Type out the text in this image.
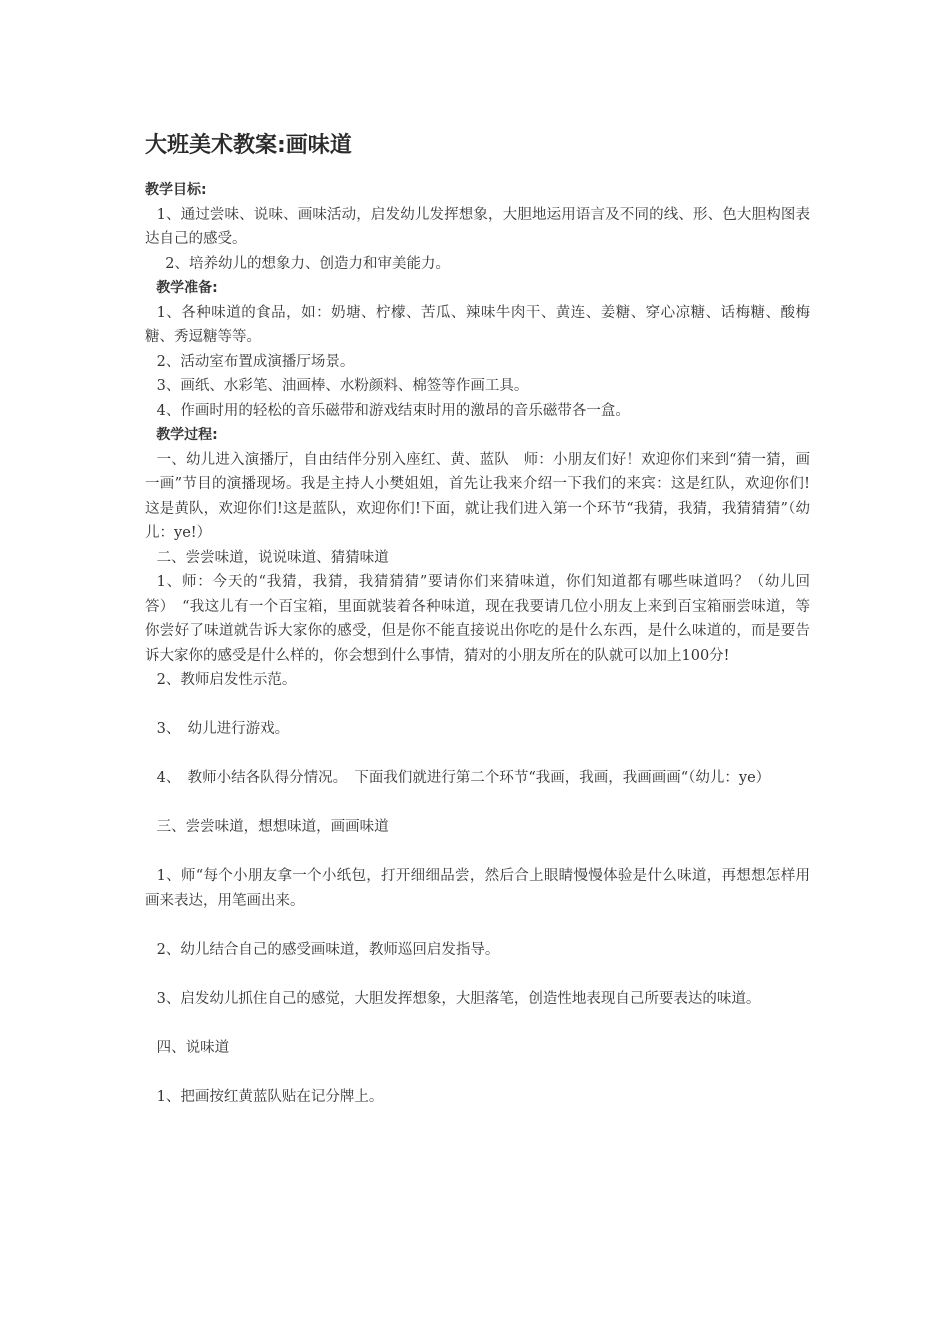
大班美术教案:画味道

教学目标:

1、通过尝味、说味、画味活动，启发幼儿发挥想象，大胆地运用语言及不同的线、形、色大胆构图表达自己的感受。

2、培养幼儿的想象力、创造力和审美能力。

教学准备:

1、各种味道的食品，如：奶塘、柠檬、苦瓜、辣味牛肉干、黄连、姜糖、穿心凉糖、话梅糖、酸梅糖、秀逗糖等等。

2、活动室布置成演播厅场景。

3、画纸、水彩笔、油画棒、水粉颜料、棉签等作画工具。

4、作画时用的轻松的音乐磁带和游戏结束时用的激昂的音乐磁带各一盒。

教学过程:

一、幼儿进入演播厅，自由结伴分别入座红、黄、蓝队　师：小朋友们好！欢迎你们来到“猜一猜，画一画”节目的演播现场。我是主持人小樊姐姐，首先让我来介绍一下我们的来宾：这是红队，欢迎你们!这是黄队，欢迎你们!这是蓝队，欢迎你们!下面，就让我们进入第一个环节“我猜，我猜，我猜猜猜”（幼儿：ye!）

二、尝尝味道，说说味道、猜猜味道

1、师：今天的“我猜，我猜，我猜猜猜”要请你们来猜味道，你们知道都有哪些味道吗？（幼儿回答）　“我这儿有一个百宝箱，里面就装着各种味道，现在我要请几位小朋友上来到百宝箱丽尝味道，等你尝好了味道就告诉大家你的感受，但是你不能直接说出你吃的是什么东西，是什么味道的，而是要告诉大家你的感受是什么样的，你会想到什么事情，猜对的小朋友所在的队就可以加上100分!

2、教师启发性示范。

3、　幼儿进行游戏。

4、　教师小结各队得分情况。　下面我们就进行第二个环节“我画，我画，我画画画“（幼儿：ye）

三、尝尝味道，想想味道，画画味道

1、师“每个小朋友拿一个小纸包，打开细细品尝，然后合上眼睛慢慢体验是什么味道，再想想怎样用画来表达，用笔画出来。

2、幼儿结合自己的感受画味道，教师巡回启发指导。

3、启发幼儿抓住自己的感觉，大胆发挥想象，大胆落笔，创造性地表现自己所要表达的味道。

四、说味道

1、把画按红黄蓝队贴在记分牌上。
